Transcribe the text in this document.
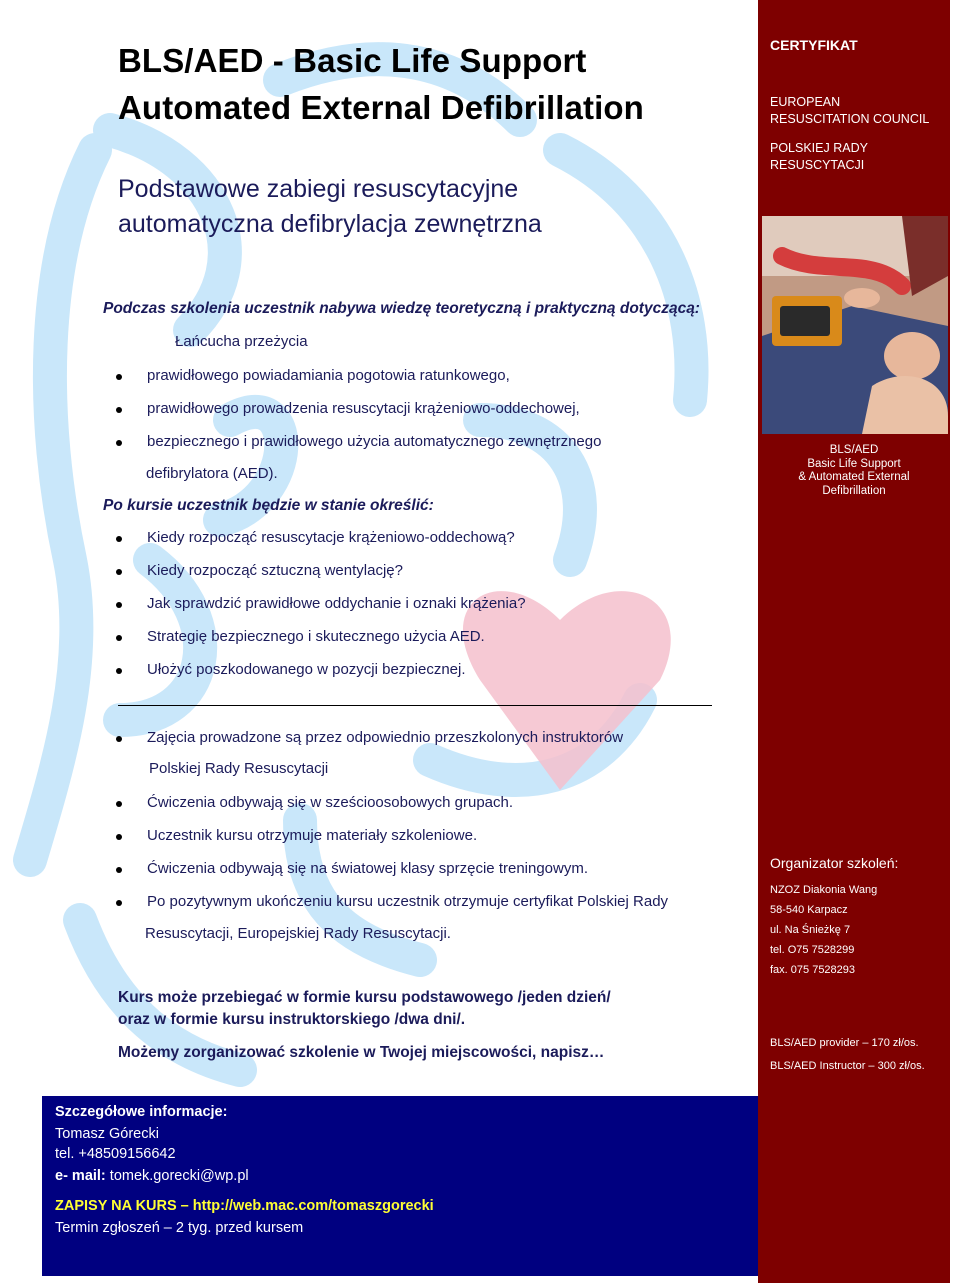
BLS/AED - Basic Life Support
Automated External Defibrillation
Podstawowe zabiegi resuscytacyjne
automatyczna defibrylacja zewnętrzna
Podczas szkolenia uczestnik nabywa wiedzę teoretyczną i praktyczną dotyczącą:
Łańcucha przeżycia
prawidłowego powiadamiania pogotowia ratunkowego,
prawidłowego prowadzenia resuscytacji krążeniowo-oddechowej,
bezpiecznego i prawidłowego użycia automatycznego zewnętrznego
defibrylatora (AED).
Po kursie uczestnik będzie w stanie określić:
Kiedy rozpocząć resuscytacje krążeniowo-oddechową?
Kiedy rozpocząć sztuczną wentylację?
Jak sprawdzić prawidłowe oddychanie i oznaki krążenia?
Strategię bezpiecznego i skutecznego użycia AED.
Ułożyć poszkodowanego w pozycji bezpiecznej.
Zajęcia prowadzone są przez odpowiednio przeszkolonych instruktorów
Polskiej Rady Resuscytacji
Ćwiczenia odbywają się w sześcioosobowych grupach.
Uczestnik kursu otrzymuje materiały szkoleniowe.
Ćwiczenia odbywają się na światowej klasy sprzęcie treningowym.
Po pozytywnym ukończeniu kursu uczestnik otrzymuje certyfikat Polskiej Rady
Resuscytacji, Europejskiej Rady Resuscytacji.
Kurs może przebiegać w formie kursu podstawowego /jeden dzień/
oraz w formie kursu instruktorskiego /dwa dni/.
Możemy zorganizować szkolenie w Twojej miejscowości, napisz…
CERTYFIKAT
EUROPEAN
RESUSCITATION COUNCIL
POLSKIEJ RADY
RESUSCYTACJI
BLS/AED
Basic Life Support
& Automated External
Defibrillation
Organizator szkoleń:
NZOZ Diakonia Wang
58-540 Karpacz
ul. Na Śnieżkę 7
tel. O75 7528299
fax. 075 7528293
BLS/AED provider – 170 zł/os.
BLS/AED Instructor – 300 zł/os.
Szczegółowe informacje:
Tomasz Górecki
tel. +48509156642
e- mail: tomek.gorecki@wp.pl
ZAPISY NA KURS – http://web.mac.com/tomaszgorecki
Termin zgłoszeń – 2 tyg. przed kursem
